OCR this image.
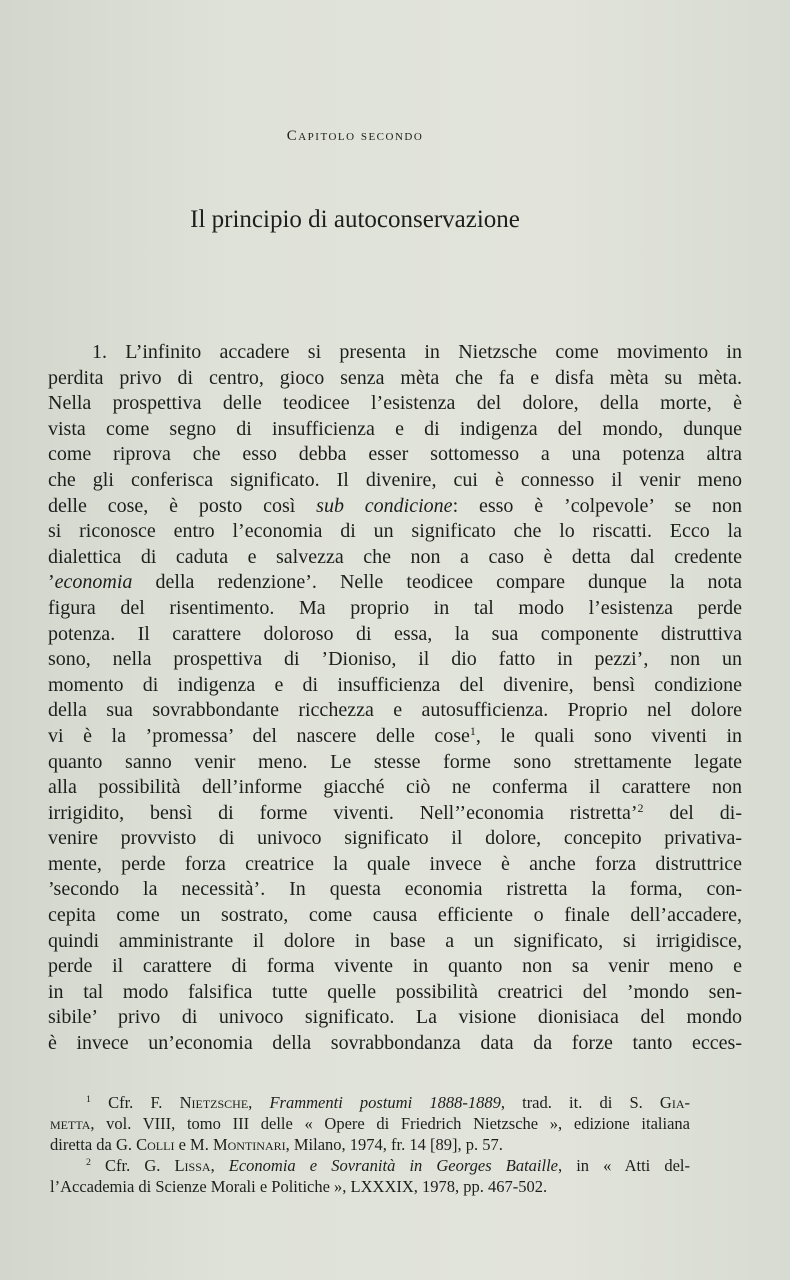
Capitolo secondo
Il principio di autoconservazione
1. L’infinito accadere si presenta in Nietzsche come movimento in
perdita privo di centro, gioco senza mèta che fa e disfa mèta su mèta.
Nella prospettiva delle teodicee l’esistenza del dolore, della morte, è
vista come segno di insufficienza e di indigenza del mondo, dunque
come riprova che esso debba esser sottomesso a una potenza altra
che gli conferisca significato. Il divenire, cui è connesso il venir meno
delle cose, è posto così sub condicione: esso è ’colpevole’ se non
si riconosce entro l’economia di un significato che lo riscatti. Ecco la
dialettica di caduta e salvezza che non a caso è detta dal credente
’economia della redenzione’. Nelle teodicee compare dunque la nota
figura del risentimento. Ma proprio in tal modo l’esistenza perde
potenza. Il carattere doloroso di essa, la sua componente distruttiva
sono, nella prospettiva di ’Dioniso, il dio fatto in pezzi’, non un
momento di indigenza e di insufficienza del divenire, bensì condizione
della sua sovrabbondante ricchezza e autosufficienza. Proprio nel dolore
vi è la ’promessa’ del nascere delle cose$^1$, le quali sono viventi in
quanto sanno venir meno. Le stesse forme sono strettamente legate
alla possibilità dell’informe giacché ciò ne conferma il carattere non
irrigidito, bensì di forme viventi. Nell’’economia ristretta’$^2$ del di-
venire provvisto di univoco significato il dolore, concepito privativa-
mente, perde forza creatrice la quale invece è anche forza distruttrice
’secondo la necessità’. In questa economia ristretta la forma, con-
cepita come un sostrato, come causa efficiente o finale dell’accadere,
quindi amministrante il dolore in base a un significato, si irrigidisce,
perde il carattere di forma vivente in quanto non sa venir meno e
in tal modo falsifica tutte quelle possibilità creatrici del ’mondo sen-
sibile’ privo di univoco significato. La visione dionisiaca del mondo
è invece un’economia della sovrabbondanza data da forze tanto ecces-
$^1$ Cfr. F. Nietzsche, Frammenti postumi 1888-1889, trad. it. di S. Gia-
metta, vol. VIII, tomo III delle « Opere di Friedrich Nietzsche », edizione italiana
diretta da G. Colli e M. Montinari, Milano, 1974, fr. 14 [89], p. 57.
$^2$ Cfr. G. Lissa, Economia e Sovranità in Georges Bataille, in « Atti del-
l’Accademia di Scienze Morali e Politiche », LXXXIX, 1978, pp. 467-502.
